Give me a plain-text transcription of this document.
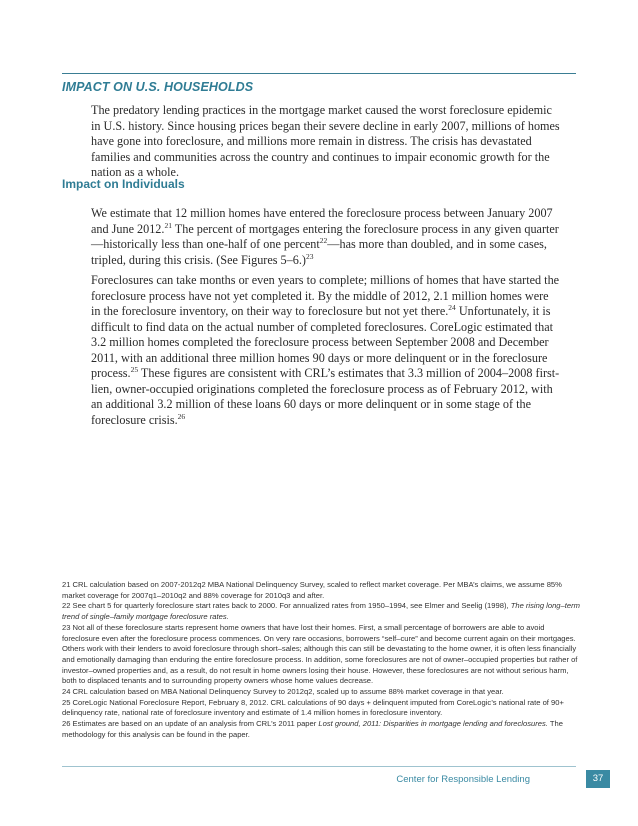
IMPACT ON U.S. HOUSEHOLDS

The predatory lending practices in the mortgage market caused the worst foreclosure epidemic in U.S. history. Since housing prices began their severe decline in early 2007, millions of homes have gone into foreclosure, and millions more remain in distress. The crisis has devastated families and communities across the country and continues to impair economic growth for the nation as a whole.

Impact on Individuals

We estimate that 12 million homes have entered the foreclosure process between January 2007 and June 2012.21 The percent of mortgages entering the foreclosure process in any given quarter—historically less than one-half of one percent$^{22}$—has more than doubled, and in some cases, tripled, during this crisis. (See Figures 5–6.)$^{23}$

Foreclosures can take months or even years to complete; millions of homes that have started the foreclosure process have not yet completed it. By the middle of 2012, 2.1 million homes were in the foreclosure inventory, on their way to foreclosure but not yet there.$^{24}$ Unfortunately, it is difficult to find data on the actual number of completed foreclosures. CoreLogic estimated that 3.2 million homes completed the foreclosure process between September 2008 and December 2011, with an additional three million homes 90 days or more delinquent or in the foreclosure process.$^{25}$ These figures are consistent with CRL’s estimates that 3.3 million of 2004–2008 first-lien, owner-occupied originations completed the foreclosure process as of February 2012, with an additional 3.2 million of these loans 60 days or more delinquent or in some stage of the foreclosure crisis.$^{26}$

21 CRL calculation based on 2007-2012q2 MBA National Delinquency Survey, scaled to reflect market coverage. Per MBA’s claims, we assume 85% market coverage for 2007q1–2010q2 and 88% coverage for 2010q3 and after.

22 See chart 5 for quarterly foreclosure start rates back to 2000. For annualized rates from 1950–1994, see Elmer and Seelig (1998), The rising long–term trend of single–family mortgage foreclosure rates.

23 Not all of these foreclosure starts represent home owners that have lost their homes. First, a small percentage of borrowers are able to avoid foreclosure even after the foreclosure process commences. On very rare occasions, borrowers “self–cure” and become current again on their mortgages. Others work with their lenders to avoid foreclosure through short–sales; although this can still be devastating to the home owner, it is often less financially and emotionally damaging than enduring the entire foreclosure process. In addition, some foreclosures are not of owner–occupied properties but rather of investor–owned properties and, as a result, do not result in home owners losing their house. However, these foreclosures are not without serious harm, both to displaced tenants and to surrounding property owners whose home values decrease.

24 CRL calculation based on MBA National Delinquency Survey to 2012q2, scaled up to assume 88% market coverage in that year.

25 CoreLogic National Foreclosure Report, February 8, 2012. CRL calculations of 90 days + delinquent imputed from CoreLogic’s national rate of 90+ delinquency rate, national rate of foreclosure inventory and estimate of 1.4 million homes in foreclosure inventory.

26 Estimates are based on an update of an analysis from CRL’s 2011 paper Lost ground, 2011: Disparities in mortgage lending and foreclosures. The methodology for this analysis can be found in the paper.

Center for Responsible Lending	37
